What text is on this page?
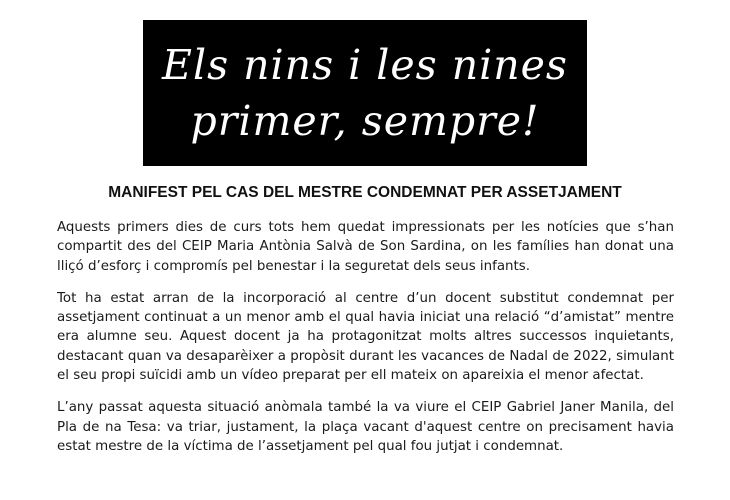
Els nins i les nines
primer, sempre!
MANIFEST PEL CAS DEL MESTRE CONDEMNAT PER ASSETJAMENT

Aquests primers dies de curs tots hem quedat impressionats per les notícies que s’han compartit des del CEIP Maria Antònia Salvà de Son Sardina, on les famílies han donat una lliçó d’esforç i compromís pel benestar i la seguretat dels seus infants.

Tot ha estat arran de la incorporació al centre d’un docent substitut condemnat per assetjament continuat a un menor amb el qual havia iniciat una relació “d’amistat” mentre era alumne seu. Aquest docent ja ha protagonitzat molts altres successos inquietants, destacant quan va desaparèixer a propòsit durant les vacances de Nadal de 2022, simulant el seu propi suïcidi amb un vídeo preparat per ell mateix on apareixia el menor afectat.

L’any passat aquesta situació anòmala també la va viure el CEIP Gabriel Janer Manila, del Pla de na Tesa: va triar, justament, la plaça vacant d'aquest centre on precisament havia estat mestre de la víctima de l’assetjament pel qual fou jutjat i condemnat.
